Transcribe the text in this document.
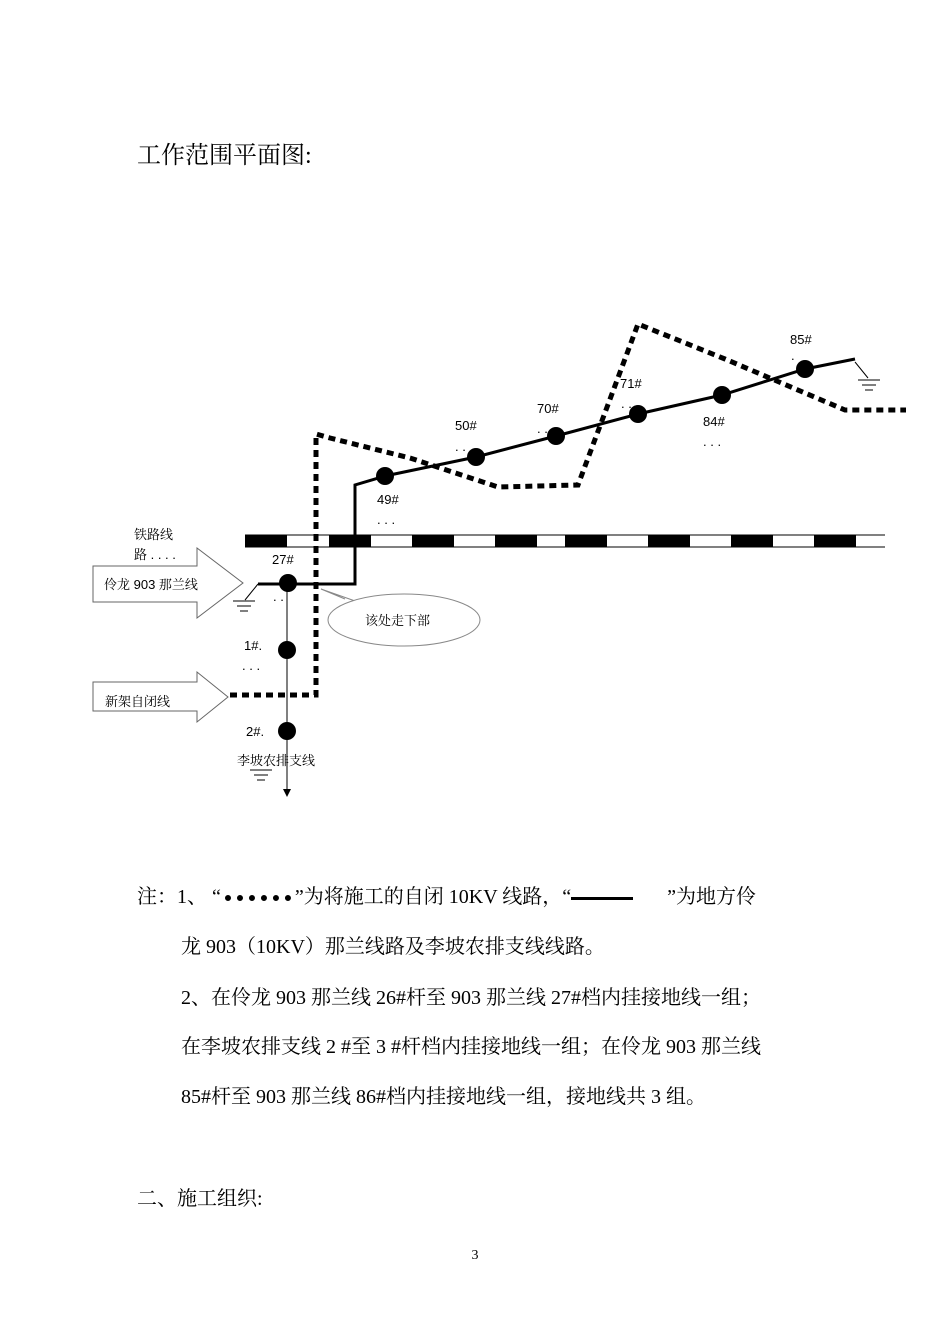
工作范围平面图:
铁路线
路 . . . .	27#
. .
1#.
. . .
2#.
49#
. . .
50#
. .
70#
. .
71#
. .
84#
. . .
85#
.
伶龙 903 那兰线
新架自闭线
该处走下部
李坡农排支线
注：1、 “	”为将施工的自闭 10KV 线路，“	”为地方伶
龙 903（10KV）那兰线路及李坡农排支线线路。
2、在伶龙 903 那兰线 26#杆至 903 那兰线 27#档内挂接地线一组；
在李坡农排支线 2 #至 3 #杆档内挂接地线一组；在伶龙 903 那兰线
85#杆至 903 那兰线 86#档内挂接地线一组，接地线共 3 组。
二、施工组织:
3
